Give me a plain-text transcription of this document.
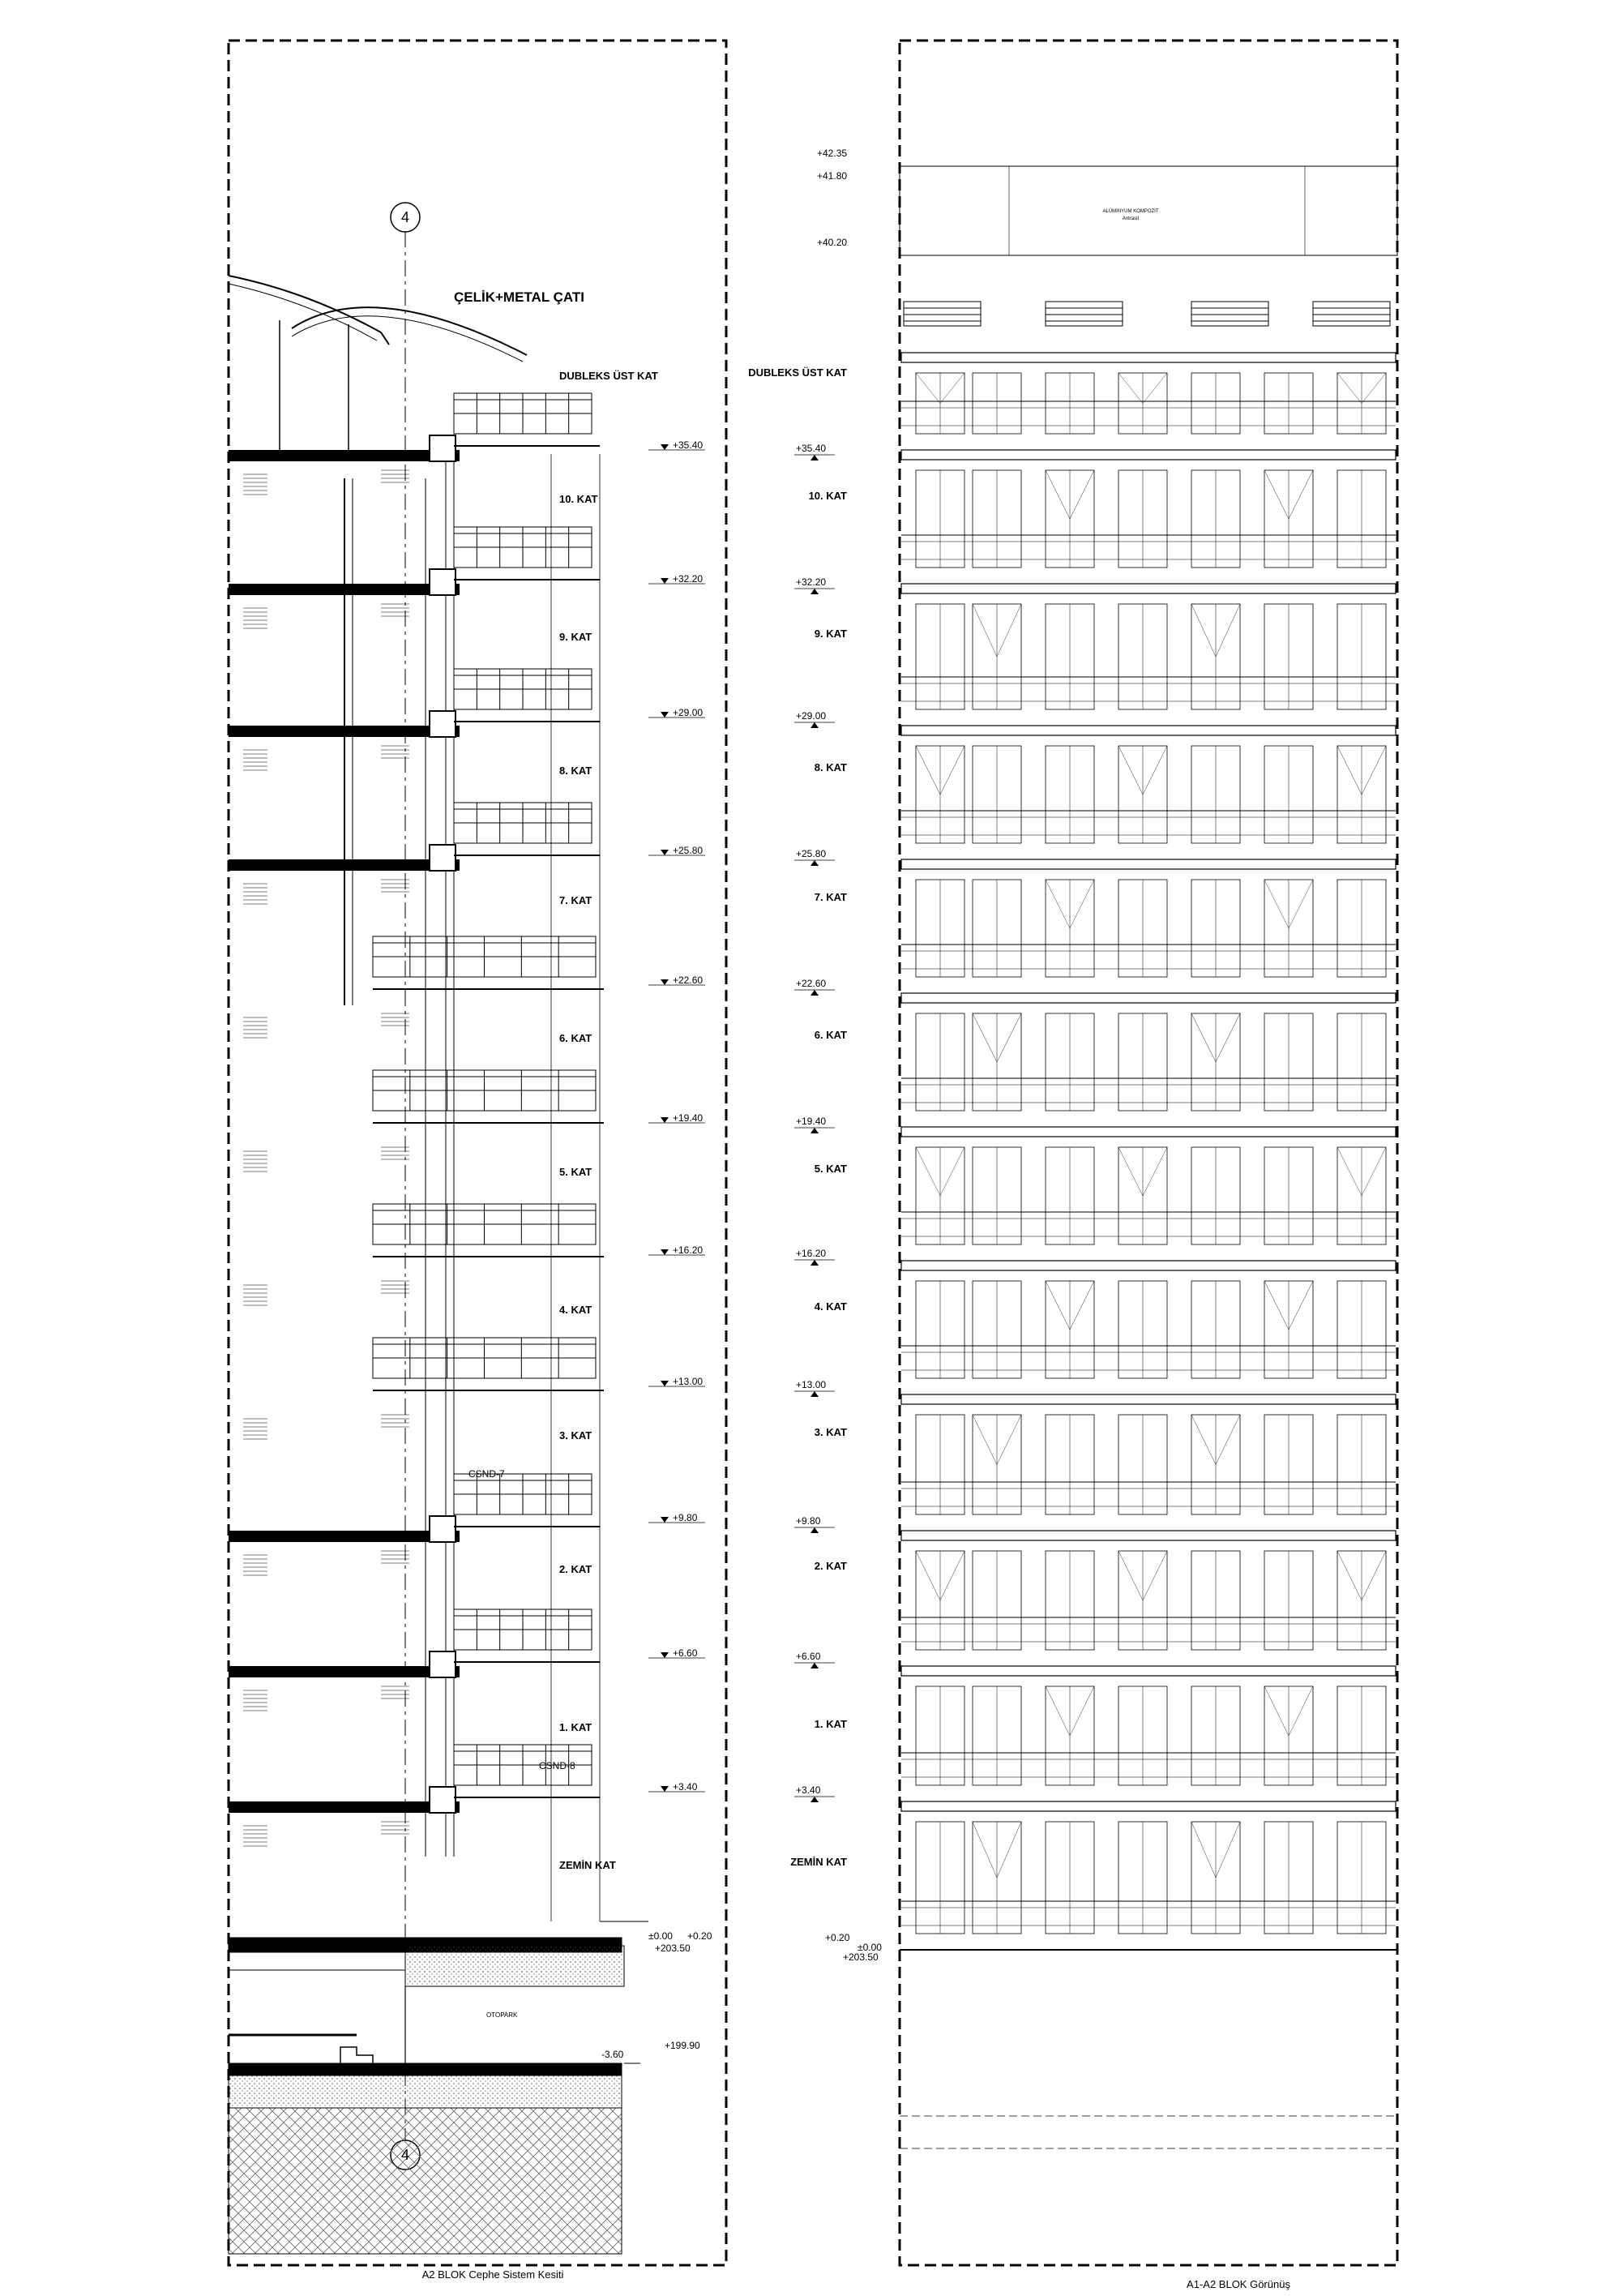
DUBLEKS ÜST KAT
10. KAT
+35.40
9. KAT
+32.20
8. KAT
+29.00
7. KAT
+25.80
6. KAT
+22.60
5. KAT
+19.40
4. KAT
+16.20
3. KAT
+13.00
2. KAT
+9.80
1. KAT
+6.60
ZEMİN KAT
+3.40
DUBLEKS ÜST KAT
10. KAT
+35.40
9. KAT
+32.20
8. KAT
+29.00
7. KAT
+25.80
6. KAT
+22.60
5. KAT
+19.40
4. KAT
+16.20
3. KAT
+13.00
2. KAT
+9.80
1. KAT
+6.60
ZEMİN KAT
+3.40
4
4
ÇELİK+METAL ÇATI
A2 BLOK Cephe Sistem Kesiti
A1-A2 BLOK Görünüş
±0.00 +0.20
+203.50
-3.60
+199.90
CSND-7
CSND-8
OTOPARK
+42.35
+41.80
+40.20
ALÜMİNYUM KOMPOZİT
Antrasit
+0.20
±0.00
+203.50
